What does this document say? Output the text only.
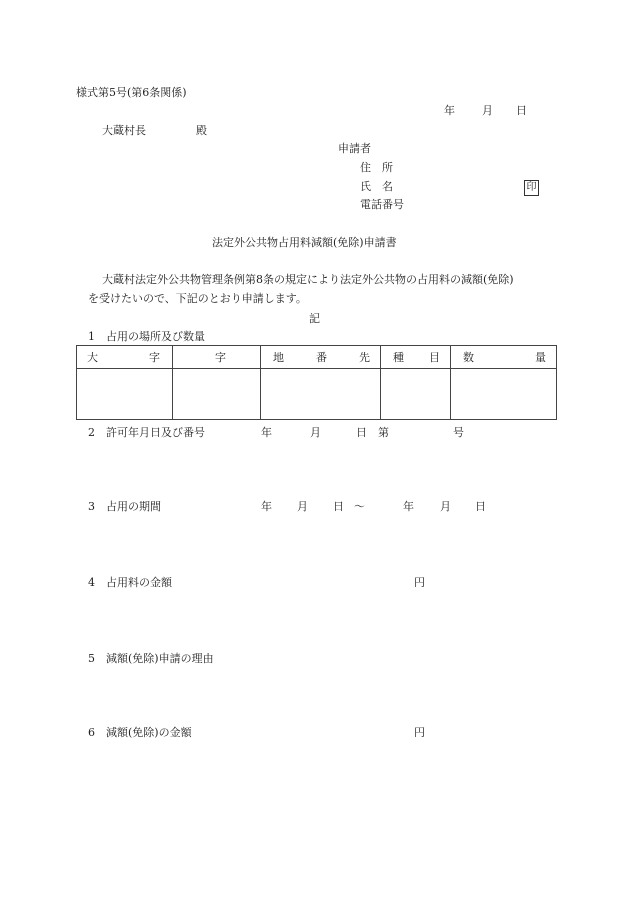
様式第5号(第6条関係)
年 月 日
大蔵村長	殿
申請者
住　所
氏　名	印
電話番号
法定外公共物占用料減額(免除)申請書
大蔵村法定外公共物管理条例第8条の規定により法定外公共物の占用料の減額(免除)
を受けたいので、下記のとおり申請します。
記
1 占用の場所及び数量
大 字	字	地 番 先	種 目	数 量

2 許可年月日及び番号	年	月	日 第	号
3 占用の期間	年 月 日 ～	年 月 日
4 占用料の金額	円
5 減額(免除)申請の理由
6 減額(免除)の金額	円
